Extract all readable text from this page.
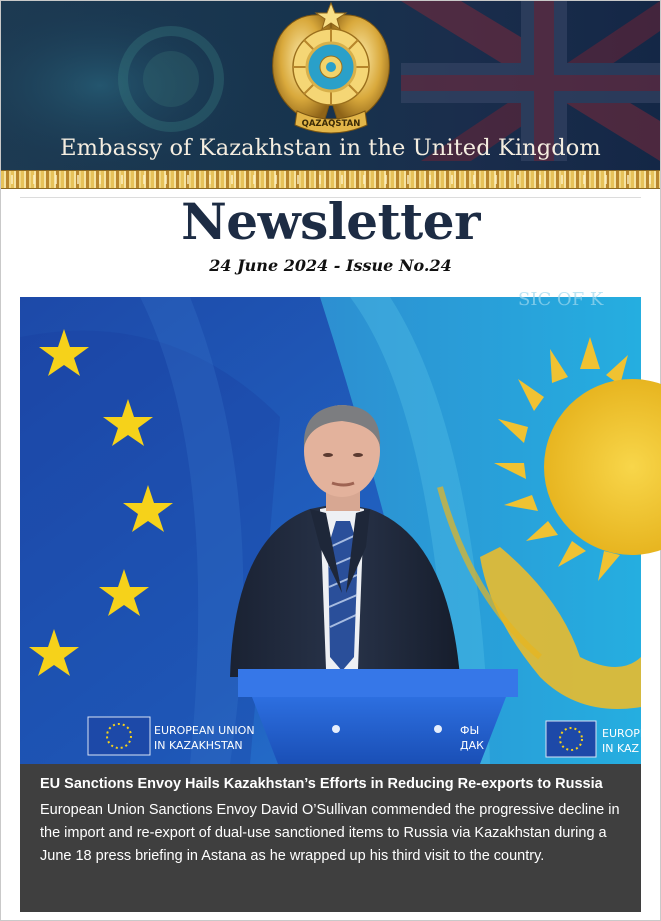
QAZAQSTAN
Embassy of Kazakhstan in the United Kingdom
Newsletter
24 June 2024 - Issue No.24
SIC OF K
EUROPEAN UNION
IN KAZAKHSTAN
ФЫ
ДАК
EUROPE
IN KAZ
EU Sanctions Envoy Hails Kazakhstan’s Efforts in Reducing Re-exports to Russia

European Union Sanctions Envoy David O’Sullivan commended the progressive decline in the import and re-export of dual-use sanctioned items to Russia via Kazakhstan during a June 18 press briefing in Astana as he wrapped up his third visit to the country.
